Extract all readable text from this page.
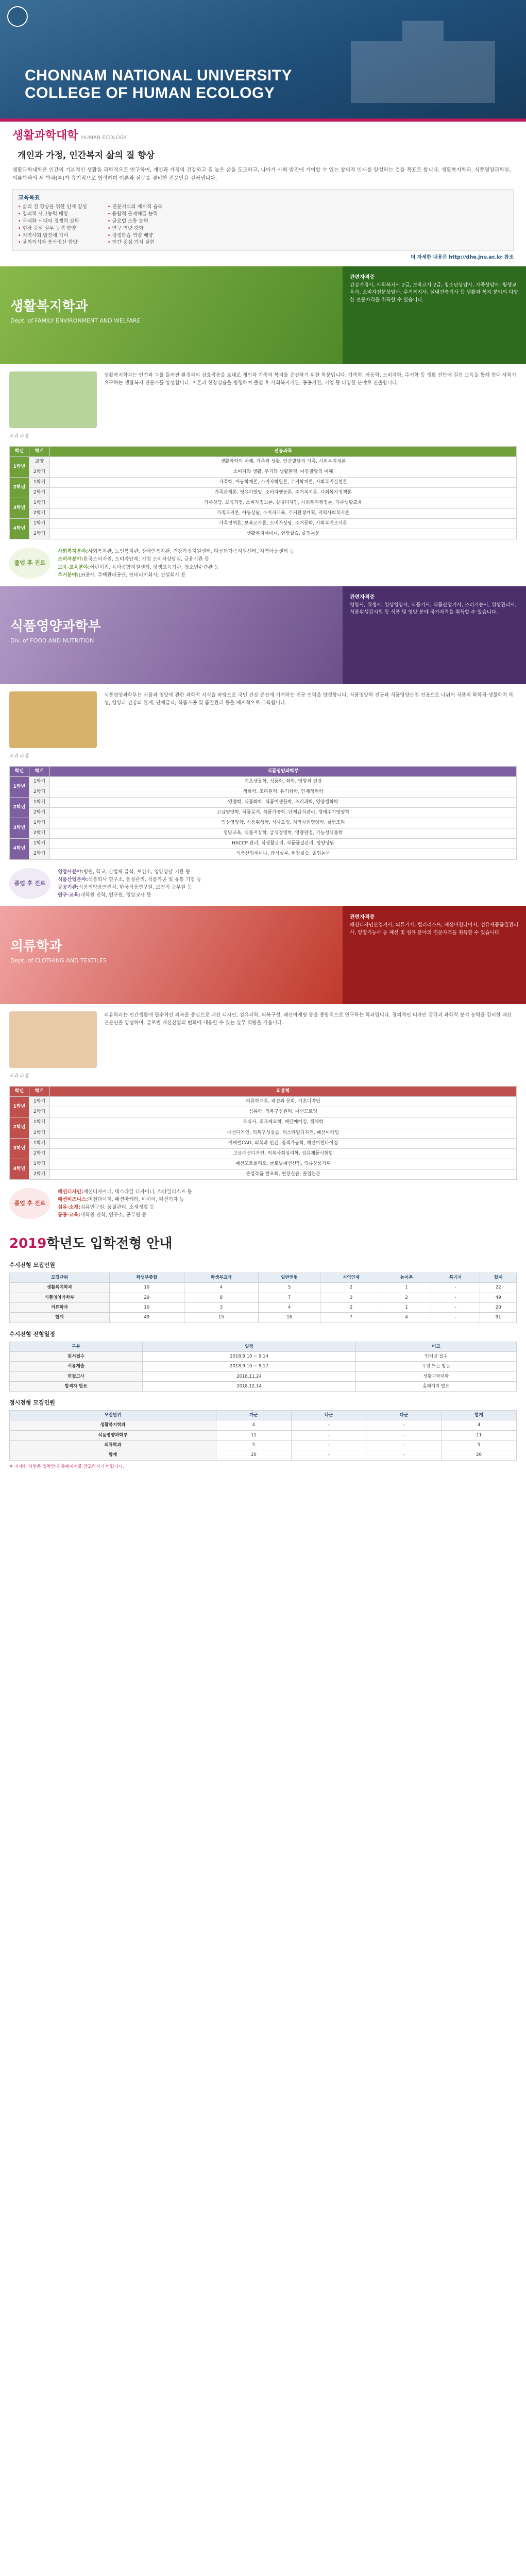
CHONNAM NATIONAL UNIVERSITY
COLLEGE OF HUMAN ECOLOGY
생활과학대학 HUMAN ECOLOGY
개인과 가정, 인간복지 삶의 질 향상

생활과학대학은 인간의 기본적인 생활을 과학적으로 연구하여, 개인과 가정의 건강하고 질 높은 삶을 도모하고, 나아가 사회 발전에 기여할 수 있는 창의적 인재를 양성하는 것을 목표로 합니다. 생활복지학과, 식품영양과학부, 의류학과의 세 학과(부)가 유기적으로 협력하며 이론과 실무를 겸비한 전문인을 길러냅니다.

교육목표
• 삶의 질 향상을 위한 인재 양성
• 창의적 사고능력 배양
• 국제화 시대의 경쟁력 강화
• 현장 중심 실무 능력 함양
• 지역사회 발전에 기여
• 윤리의식과 봉사정신 함양
• 전문지식의 체계적 습득
• 융합적 문제해결 능력
• 글로벌 소통 능력
• 연구 역량 강화
• 평생학습 역량 배양
• 인간 중심 가치 실현
더 자세한 내용은 http://dhe.jnu.ac.kr 참조
생활복지학과
Dept. of FAMILY ENVIRONMENT AND WELFARE
관련자격증
건강가정사, 사회복지사 2급, 보육교사 2급, 청소년상담사, 가족상담사, 평생교육사, 소비자전문상담사, 주거복지사, 실내건축기사 등 생활과 복지 분야의 다양한 전문자격을 취득할 수 있습니다.

생활복지학과는 인간과 그를 둘러싼 환경과의 상호작용을 토대로 개인과 가족의 복지를 증진하기 위한 학문입니다. 가족학, 아동학, 소비자학, 주거학 등 생활 전반에 걸친 교육을 통해 현대 사회가 요구하는 생활복지 전문가를 양성합니다. 이론과 현장실습을 병행하여 졸업 후 사회복지기관, 공공기관, 기업 등 다양한 분야로 진출합니다.

교과 과정
학년	학기	전공과목
1학년	교양	생활과학의 이해, 가족과 생활, 인간발달과 가족, 사회복지개론
	2학기	소비자와 생활, 주거와 생활환경, 아동발달의 이해
2학년	1학기	가족학, 아동학개론, 소비자학원론, 주거학개론, 사회복지실천론
	2학기	가족관계론, 영유아발달, 소비자행동론, 주거복지론, 사회복지정책론
3학년	1학기	가족상담, 보육과정, 소비자정보론, 실내디자인, 사회복지행정론, 가족생활교육
	2학기	가족복지론, 아동상담, 소비자교육, 주거환경계획, 지역사회복지론
4학년	1학기	가족정책론, 보육교사론, 소비자상담, 주거문화, 사회복지조사론
	2학기	생활복지세미나, 현장실습, 졸업논문
졸업 후 진로
사회복지분야:사회복지관, 노인복지관, 장애인복지관, 건강가정지원센터, 다문화가족지원센터, 지역아동센터 등
소비자분야:한국소비자원, 소비자단체, 기업 소비자상담실, 금융기관 등
보육·교육분야:어린이집, 육아종합지원센터, 평생교육기관, 청소년수련관 등
주거분야:LH공사, 주택관리공단, 인테리어회사, 건설회사 등
식품영양과학부
Div. of FOOD AND NUTRITION
관련자격증
영양사, 위생사, 임상영양사, 식품기사, 식품산업기사, 조리기능사, 위생관리사, 식품위생감시원 등 식품 및 영양 분야 국가자격을 취득할 수 있습니다.

식품영양과학부는 식품과 영양에 관한 과학적 지식을 바탕으로 국민 건강 증진에 기여하는 전문 인력을 양성합니다. 식품영양학 전공과 식품영양산업 전공으로 나뉘어 식품의 화학적·생물학적 특성, 영양과 건강의 관계, 단체급식, 식품가공 및 품질관리 등을 체계적으로 교육합니다.

교과 과정
학년	학기	식품영양과학부
1학년	1학기	기초생물학, 식품학, 화학, 영양과 건강
	2학기	생화학, 조리원리, 유기화학, 인체생리학
2학년	1학기	영양학, 식품화학, 식품미생물학, 조리과학, 영양생화학
	2학기	고급영양학, 식품분석, 식품가공학, 단체급식관리, 생애주기영양학
3학년	1학기	임상영양학, 식품위생학, 식사요법, 지역사회영양학, 실험조리
	2학기	영양교육, 식품저장학, 급식경영학, 영양판정, 기능성식품학
4학년	1학기	HACCP 관리, 식생활관리, 식품품질관리, 영양상담
	2학기	식품산업세미나, 급식실무, 현장실습, 졸업논문
졸업 후 진로
영양사분야:병원, 학교, 산업체 급식, 보건소, 영양상담 기관 등
식품산업분야:식품회사 연구소, 품질관리, 식품가공 및 유통 기업 등
공공기관:식품의약품안전처, 한국식품연구원, 보건직 공무원 등
연구·교육:대학원 진학, 연구원, 영양교사 등
의류학과
Dept. of CLOTHING AND TEXTILES
관련자격증
패션디자인산업기사, 의류기사, 컬러리스트, 패션머천다이저, 섬유제품품질관리사, 양장기능사 등 패션 및 섬유 분야의 전문자격을 취득할 수 있습니다.

의류학과는 인간생활에 필수적인 의복을 중심으로 패션 디자인, 섬유과학, 의복구성, 패션마케팅 등을 종합적으로 연구하는 학과입니다. 창의적인 디자인 감각과 과학적 분석 능력을 겸비한 패션 전문인을 양성하며, 글로벌 패션산업의 변화에 대응할 수 있는 실무 역량을 키웁니다.

교과 과정
학년	학기	의류학
1학년	1학기	의류학개론, 패션과 문화, 기초디자인
	2학기	섬유학, 의복구성원리, 패션드로잉
2학년	1학기	복식사, 의복재료학, 패턴메이킹, 색채학
	2학기	패션디자인, 의복구성실습, 텍스타일디자인, 패션마케팅
3학년	1학기	어패럴CAD, 의복과 인간, 염색가공학, 패션머천다이징
	2학기	고급패션디자인, 의복사회심리학, 섬유제품시험법
4학년	1학기	패션포트폴리오, 글로벌패션산업, 의류상품기획
	2학기	졸업작품 발표회, 현장실습, 졸업논문
졸업 후 진로
패션디자인:패션디자이너, 텍스타일 디자이너, 스타일리스트 등
패션비즈니스:머천다이저, 패션마케터, 바이어, 패션기자 등
섬유·소재:섬유연구원, 품질관리, 소재개발 등
공공·교육:대학원 진학, 연구소, 공무원 등
2019학년도 입학전형 안내
수시전형 모집인원
모집단위	학생부종합	학생부교과	일반전형	지역인재	농어촌	특기자	합계
생활복지학과	10	4	5	2	1	-	22
식품영양과학부	29	8	7	3	2	-	49
의류학과	10	3	4	2	1	-	20
합계	49	15	16	7	4	-	91
수시전형 전형일정
구분	일정	비고
원서접수	2018.9.10 ~ 9.14	인터넷 접수
서류제출	2018.9.10 ~ 9.17	우편 또는 방문
면접고사	2018.11.24	생활과학대학
합격자 발표	2018.12.14	홈페이지 발표
정시전형 모집인원
모집단위	가군	나군	다군	합계
생활복지학과	4	-	-	4
식품영양과학부	11	-	-	11
의류학과	5	-	-	5
합계	20	-	-	20
※ 자세한 사항은 입학안내 홈페이지를 참고하시기 바랍니다.
